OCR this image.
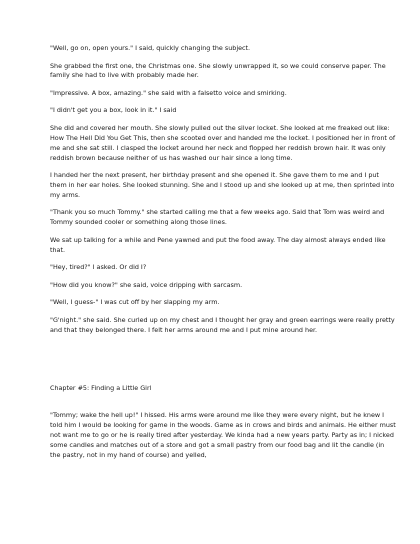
"Well, go on, open yours." I said, quickly changing the subject.

She grabbed the first one, the Christmas one. She slowly unwrapped it, so we could conserve paper. The family she had to live with probably made her.

"Impressive. A box, amazing." she said with a falsetto voice and smirking.

"I didn't get you a box, look in it." I said

She did and covered her mouth. She slowly pulled out the silver locket. She looked at me freaked out like: How The Hell Did You Get This, then she scooted over and handed me the locket. I positioned her in front of me and she sat still. I clasped the locket around her neck and flopped her reddish brown hair. It was only reddish brown because neither of us has washed our hair since a long time.

I handed her the next present, her birthday present and she opened it. She gave them to me and I put them in her ear holes. She looked stunning. She and I stood up and she looked up at me, then sprinted into my arms.

"Thank you so much Tommy." she started calling me that a few weeks ago. Said that Tom was weird and Tommy sounded cooler or something along those lines.

We sat up talking for a while and Pene yawned and put the food away. The day almost always ended like that.

"Hey, tired?" I asked. Or did I?

"How did you know?" she said, voice dripping with sarcasm.

"Well, I guess-" I was cut off by her slapping my arm.

"G'night." she said. She curled up on my chest and I thought her gray and green earrings were really pretty and that they belonged there. I felt her arms around me and I put mine around her.

Chapter #5: Finding a Little Girl

"Tommy; wake the hell up!" I hissed. His arms were around me like they were every night, but he knew I told him I would be looking for game in the woods. Game as in crows and birds and animals. He either must not want me to go or he is really tired after yesterday. We kinda had a new years party. Party as in; I nicked some candles and matches out of a store and got a small pastry from our food bag and lit the candle (in the pastry, not in my hand of course) and yelled,
